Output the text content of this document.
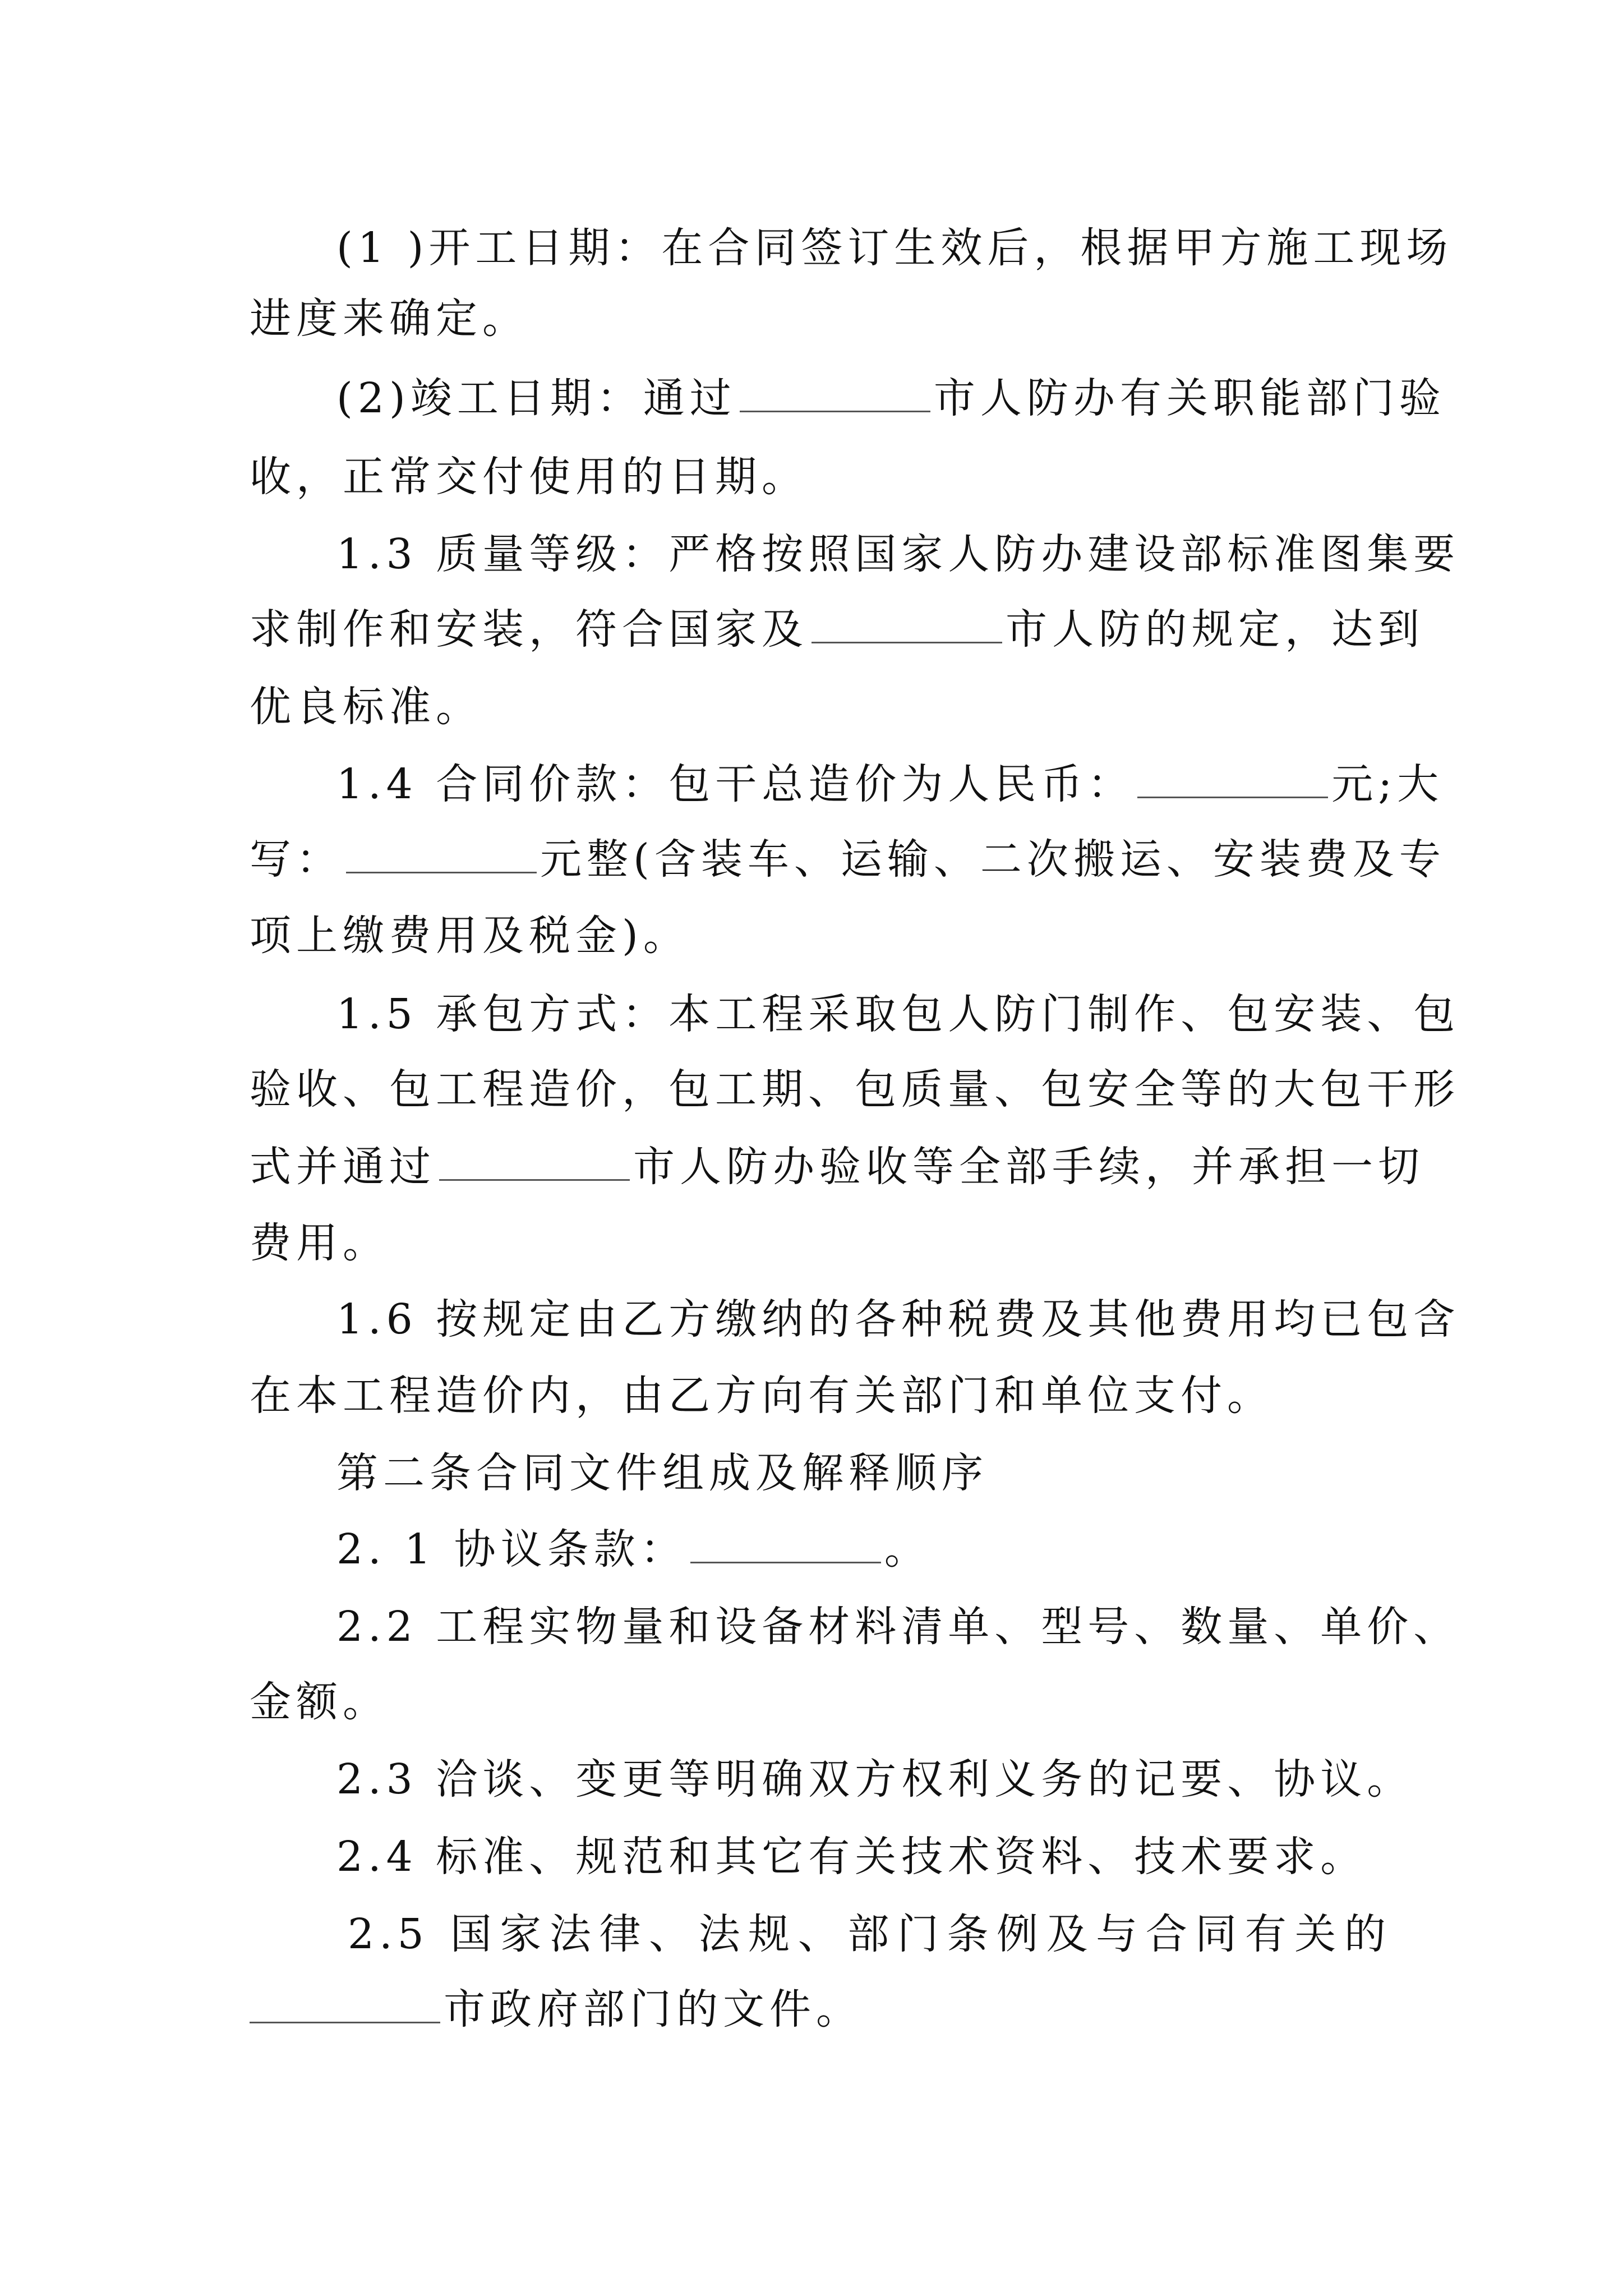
(1 )开工日期：在合同签订生效后，根据甲方施工现场
进度来确定。
(2)竣工日期：通过	市人防办有关职能部门验
收，正常交付使用的日期。
1.3 质量等级：严格按照国家人防办建设部标准图集要
求制作和安装，符合国家及	市人防的规定，达到
优良标准。
1.4 合同价款：包干总造价为人民币：	元;大
写：	元整(含装车、运输、二次搬运、安装费及专
项上缴费用及税金)。
1.5 承包方式：本工程采取包人防门制作、包安装、包
验收、包工程造价，包工期、包质量、包安全等的大包干形
式并通过	市人防办验收等全部手续，并承担一切
费用。
1.6 按规定由乙方缴纳的各种税费及其他费用均已包含
在本工程造价内，由乙方向有关部门和单位支付。
第二条合同文件组成及解释顺序
2. 1 协议条款：	。
2.2 工程实物量和设备材料清单、型号、数量、单价、
金额。
2.3 洽谈、变更等明确双方权利义务的记要、协议。
2.4 标准、规范和其它有关技术资料、技术要求。
2.5 国家法律、法规、部门条例及与合同有关的
市政府部门的文件。
